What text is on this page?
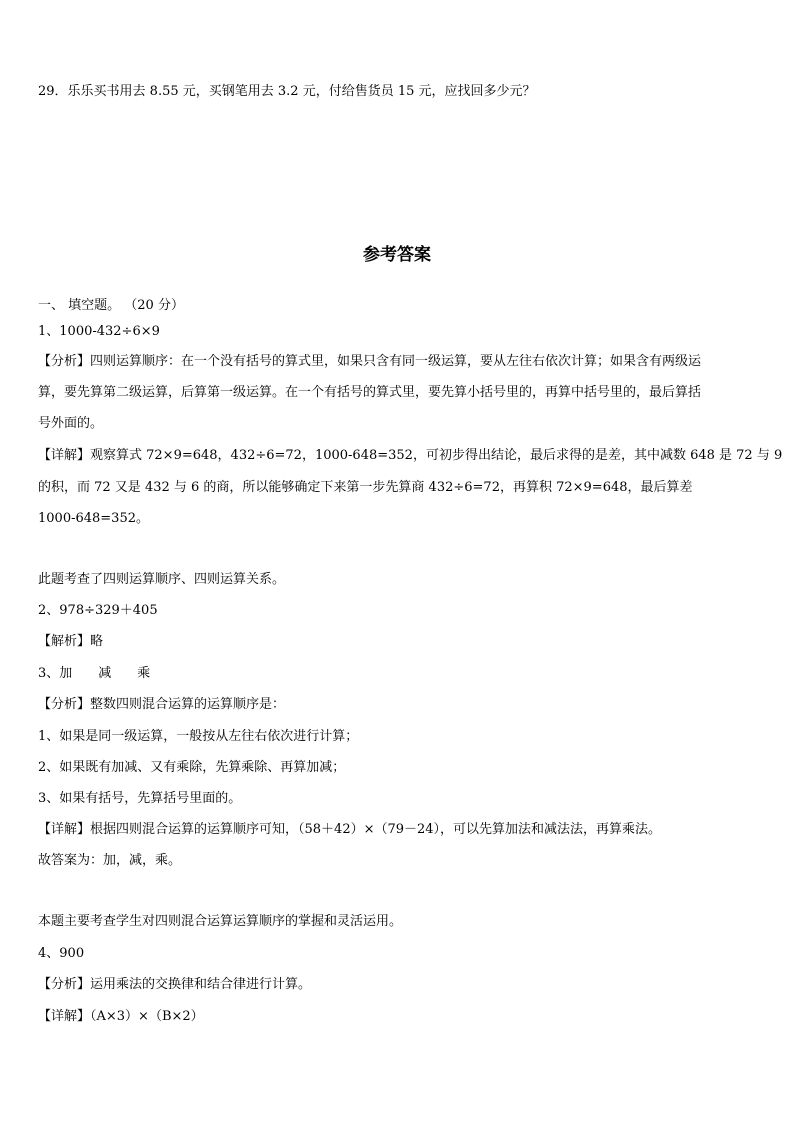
29．乐乐买书用去 8.55 元，买钢笔用去 3.2 元，付给售货员 15 元，应找回多少元？
参考答案
一、 填空题。 （20 分）
1、1000-432÷6×9
【分析】四则运算顺序：在一个没有括号的算式里，如果只含有同一级运算，要从左往右依次计算；如果含有两级运
算，要先算第二级运算，后算第一级运算。在一个有括号的算式里，要先算小括号里的，再算中括号里的，最后算括
号外面的。
【详解】观察算式 72×9=648，432÷6=72，1000-648=352，可初步得出结论，最后求得的是差，其中减数 648 是 72 与 9
的积，而 72 又是 432 与 6 的商，所以能够确定下来第一步先算商 432÷6=72，再算积 72×9=648，最后算差
1000-648=352。
此题考查了四则运算顺序、四则运算关系。
2、978÷329＋405
【解析】略
3、加　　减　　乘
【分析】整数四则混合运算的运算顺序是：
1、如果是同一级运算，一般按从左往右依次进行计算；
2、如果既有加减、又有乘除，先算乘除、再算加减；
3、如果有括号，先算括号里面的。
【详解】根据四则混合运算的运算顺序可知，（58＋42）×（79－24），可以先算加法和减法法，再算乘法。
故答案为：加，减，乘。
本题主要考查学生对四则混合运算运算顺序的掌握和灵活运用。
4、900
【分析】运用乘法的交换律和结合律进行计算。
【详解】（A×3）×（B×2）
